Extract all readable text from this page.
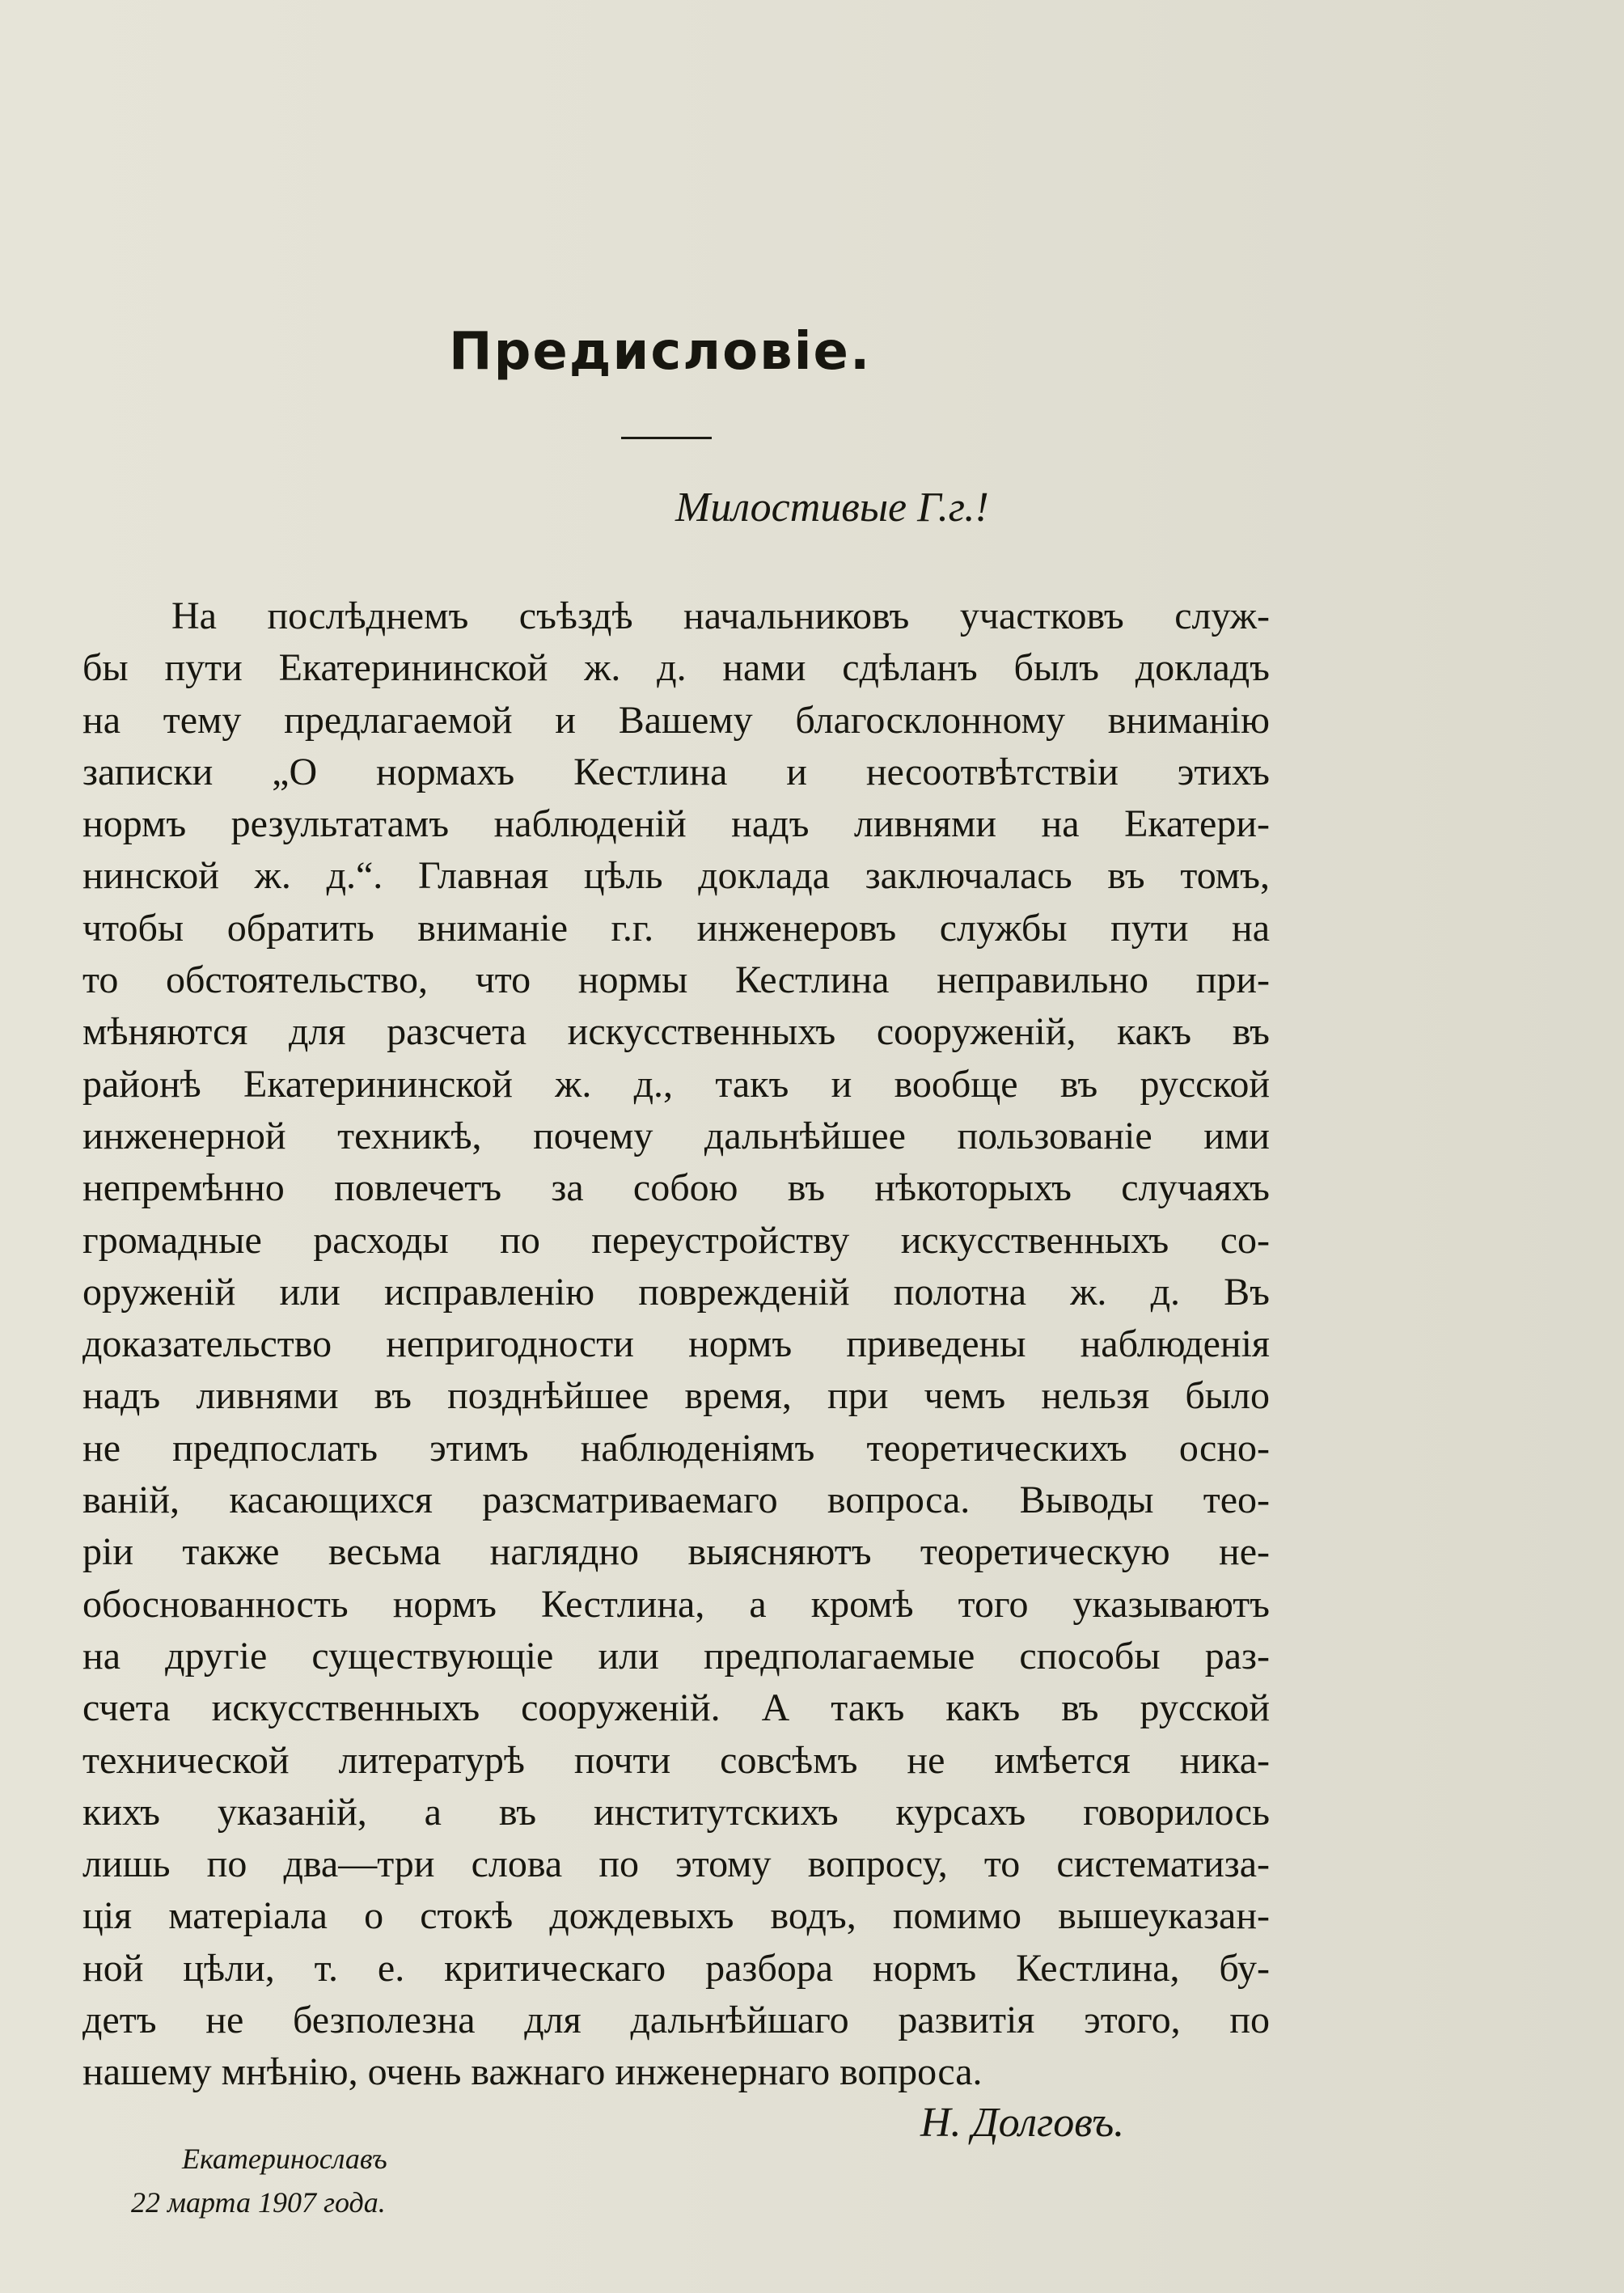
Предисловіе.

Милостивые Г.г.!

На послѣднемъ съѣздѣ начальниковъ участковъ служ-
бы пути Екатерининской ж. д. нами сдѣланъ былъ докладъ
на тему предлагаемой и Вашему благосклонному вниманію
записки „О нормахъ Кестлина и несоотвѣтствіи этихъ
нормъ результатамъ наблюденій надъ ливнями на Екатери-
нинской ж. д.“. Главная цѣль доклада заключалась въ томъ,
чтобы обратить вниманіе г.г. инженеровъ службы пути на
то обстоятельство, что нормы Кестлина неправильно при-
мѣняются для разсчета искусственныхъ сооруженій, какъ въ
районѣ Екатерининской ж. д., такъ и вообще въ русской
инженерной техникѣ, почему дальнѣйшее пользованіе ими
непремѣнно повлечетъ за собою въ нѣкоторыхъ случаяхъ
громадные расходы по переустройству искусственныхъ со-
оруженій или исправленію поврежденій полотна ж. д. Въ
доказательство непригодности нормъ приведены наблюденія
надъ ливнями въ позднѣйшее время, при чемъ нельзя было
не предпослать этимъ наблюденіямъ теоретическихъ осно-
ваній, касающихся разсматриваемаго вопроса. Выводы тео-
ріи также весьма наглядно выясняютъ теоретическую не-
обоснованность нормъ Кестлина, а кромѣ того указываютъ
на другіе существующіе или предполагаемые способы раз-
счета искусственныхъ сооруженій. А такъ какъ въ русской
технической литературѣ почти совсѣмъ не имѣется ника-
кихъ указаній, а въ институтскихъ курсахъ говорилось
лишь по два—три слова по этому вопросу, то систематиза-
ція матеріала о стокѣ дождевыхъ водъ, помимо вышеуказан-
ной цѣли, т. е. критическаго разбора нормъ Кестлина, бу-
детъ не безполезна для дальнѣйшаго развитія этого, по
нашему мнѣнію, очень важнаго инженернаго вопроса.

Н. Долговъ.

Екатеринославъ

22 марта 1907 года.
